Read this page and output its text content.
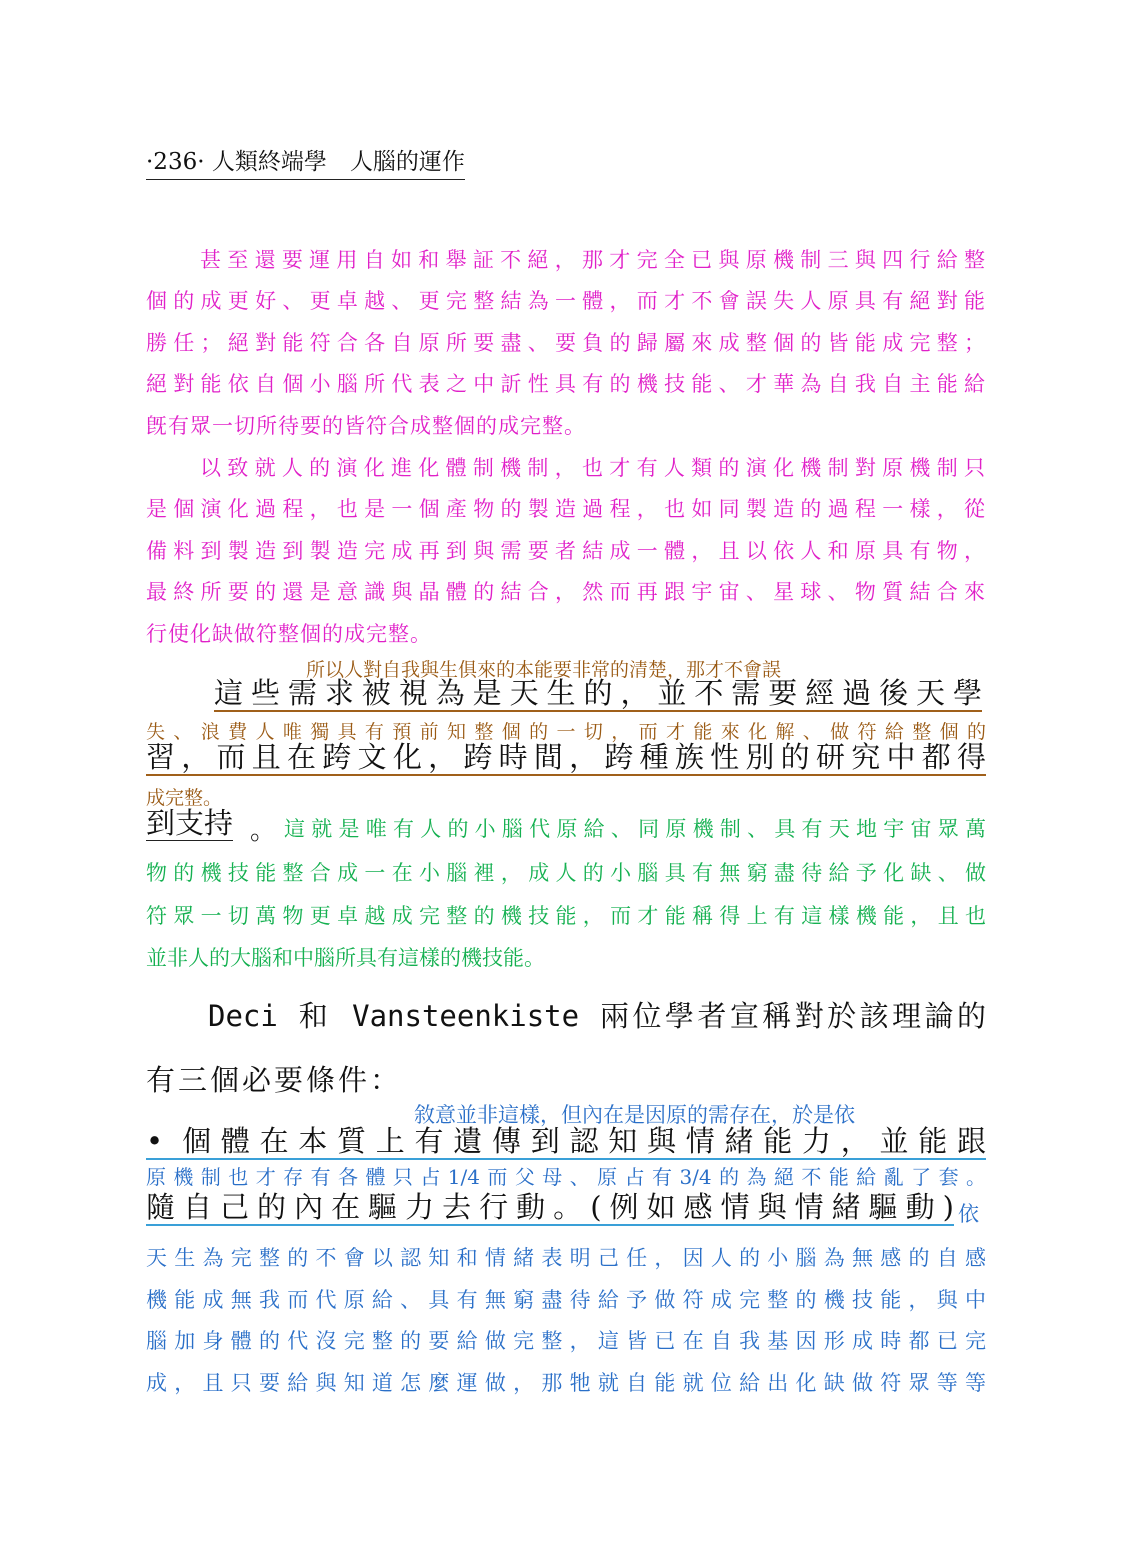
·236· 人類終端學　人腦的運作
甚至還要運用自如和舉証不絕，那才完全已與原機制三與四行給整
個的成更好、更卓越、更完整結為一體，而才不會誤失人原具有絕對能
勝任；絕對能符合各自原所要盡、要負的歸屬來成整個的皆能成完整；
絕對能依自個小腦所代表之中訢性具有的機技能、才華為自我自主能給
旣有眾一切所待要的皆符合成整個的成完整。
以致就人的演化進化體制機制，也才有人類的演化機制對原機制只
是個演化過程，也是一個產物的製造過程，也如同製造的過程一樣，從
備料到製造到製造完成再到與需要者結成一體，且以依人和原具有物，
最終所要的還是意識與晶體的結合，然而再跟宇宙、星球、物質結合來
行使化缺做符整個的成完整。
所以人對自我與生俱來的本能要非常的清楚，那才不會誤
這些需求被視為是天生的，並不需要經過後天學
失、浪費人唯獨具有預前知整個的一切，而才能來化解、做符給整個的
習，而且在跨文化，跨時間，跨種族性別的研究中都得
成完整。
到支持 。 這就是唯有人的小腦代原給、同原機制、具有天地宇宙眾萬
物的機技能整合成一在小腦裡，成人的小腦具有無窮盡待給予化缺、做
符眾一切萬物更卓越成完整的機技能，而才能稱得上有這樣機能，且也
並非人的大腦和中腦所具有這樣的機技能。
Deci 和 Vansteenkiste 兩位學者宣稱對於該理論的
有三個必要條件：
敘意並非這樣，但內在是因原的需存在，於是依
• 個體在本質上有遺傳到認知與情緒能力，並能跟
原機制也才存有各體只占1/4而父母、原占有3/4的為絕不能給亂了套。
隨自己的內在驅力去行動。(例如感情與情緒驅動) 依
天生為完整的不會以認知和情緒表明己任，因人的小腦為無感的自感
機能成無我而代原給、具有無窮盡待給予做符成完整的機技能，與中
腦加身體的代沒完整的要給做完整，這皆已在自我基因形成時都已完
成，且只要給與知道怎麼運做，那牠就自能就位給出化缺做符眾等等
